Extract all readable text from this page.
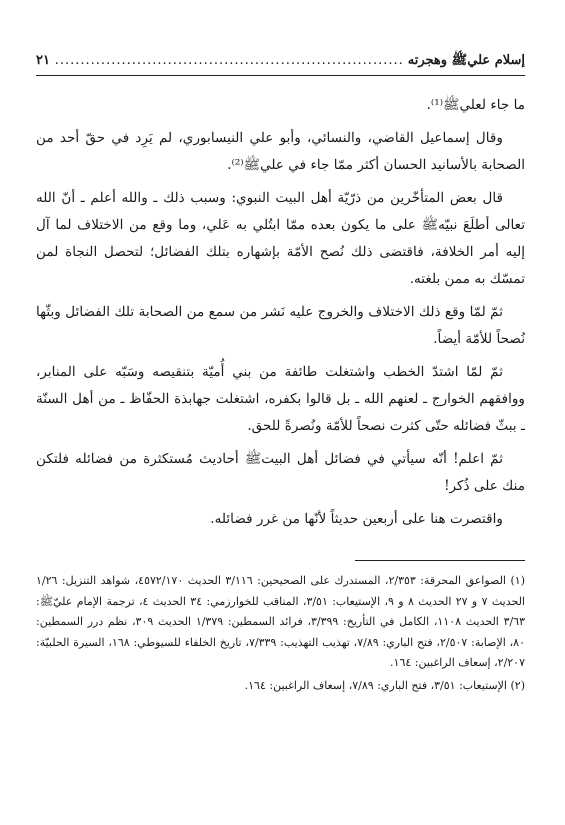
إسلام عليﷺ وهجرته
.....
٢١

ما جاء لعليﷺ⁽¹⁾.

وقال إسماعيل القاضي، والنسائي، وأبو علي النيسابوري، لم يَرِد في حقّ أحد من الصحابة بالأسانيد الحسان أكثر ممّا جاء في عليﷺ⁽²⁾.

قال بعض المتأخّرين من ذرّيّة أهل البيت النبوي: وسبب ذلك ـ والله أعلم ـ أنّ الله تعالى أطلَعَ نبيّهﷺ على ما يكون بعده ممّا ابتُلي به عَلي، وما وقع من الاختلاف لما آل إليه أمر الخلافة، فاقتضى ذلك نُصح الأمّة بإشهاره بتلك الفضائل؛ لتحصل النجاة لمن تمسّك به ممن بلغته.

ثمّ لمّا وقع ذلك الاختلاف والخروج عليه نَشر من سمع من الصحابة تلك الفضائل وبثّها نُصحاً للأمّة أيضاً.

ثمّ لمّا اشتدّ الخطب واشتغلت طائفة من بني أُميّة بتنقيصه وسَبّه على المنابر، ووافقهم الخوارج ـ لعنهم الله ـ بل قالوا بكفره، اشتغلت جهابذة الحفّاظ ـ من أهل السنّة ـ ببثّ فضائله حتّى كثرت نصحاً للأمّة ونُصرةً للحق.

ثمّ اعلم! أنّه سيأتي في فضائل أهل البيتﷺ أحاديث مُستكثرة من فضائله فلتكن منك على ذُكر!

واقتصرت هنا على أربعين حديثاً لأنّها من غرر فضائله.

(١) الصواعق المحرقة: ٢/٣٥٣، المستدرك على الصحيحين: ٣/١١٦ الحديث ٤٥٧٢/١٧٠، شواهد التنزيل: ١/٢٦ الحديث ٧ و ٢٧ الحديث ٨ و ٩، الإستيعاب: ٣/٥١، المناقب للخوارزمي: ٣٤ الحديث ٤، ترجمة الإمام عليّﷺ: ٣/٦٣ الحديث ١١٠٨، الكامل في التأريخ: ٣/٣٩٩، فرائد السمطين: ١/٣٧٩ الحديث ٣٠٩، نظم درر السمطين: ٨٠، الإصابة: ٢/٥٠٧، فتح الباري: ٧/٨٩، تهذيب التهذيب: ٧/٣٣٩، تاريخ الخلفاء للسيوطي: ١٦٨، السيرة الحلبيّة: ٢/٢٠٧، إسعاف الراغبين: ١٦٤.

(٢) الإستيعاب: ٣/٥١، فتح الباري: ٧/٨٩، إسعاف الراغبين: ١٦٤.
